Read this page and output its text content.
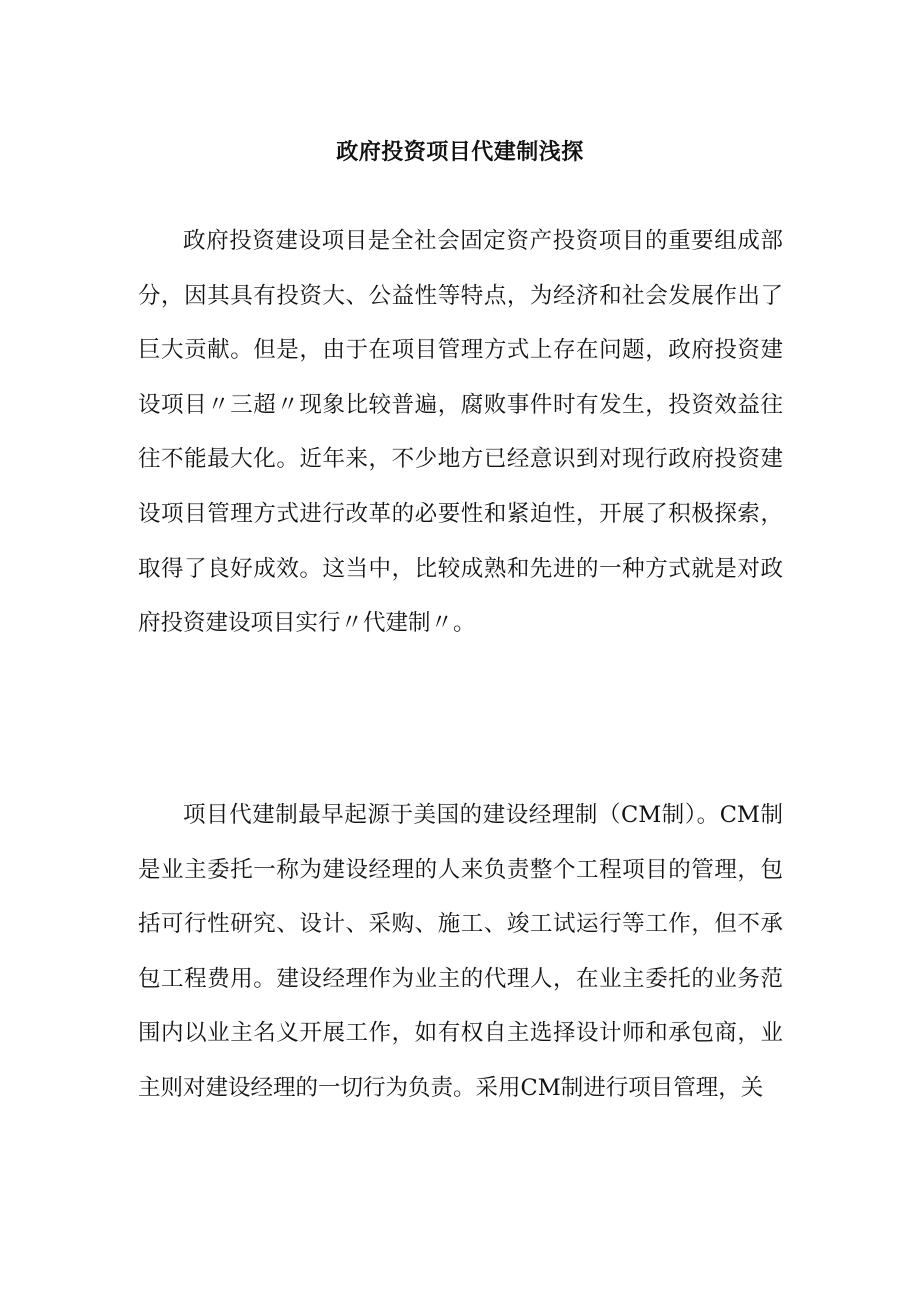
政府投资项目代建制浅探

政府投资建设项目是全社会固定资产投资项目的重要组成部分，因其具有投资大、公益性等特点，为经济和社会发展作出了巨大贡献。但是，由于在项目管理方式上存在问题，政府投资建设项目〃三超〃现象比较普遍，腐败事件时有发生，投资效益往往不能最大化。近年来，不少地方已经意识到对现行政府投资建设项目管理方式进行改革的必要性和紧迫性，开展了积极探索，取得了良好成效。这当中，比较成熟和先进的一种方式就是对政府投资建设项目实行〃代建制〃。

项目代建制最早起源于美国的建设经理制（CM制）。CM制是业主委托一称为建设经理的人来负责整个工程项目的管理，包括可行性研究、设计、采购、施工、竣工试运行等工作，但不承包工程费用。建设经理作为业主的代理人，在业主委托的业务范围内以业主名义开展工作，如有权自主选择设计师和承包商，业主则对建设经理的一切行为负责。采用CM制进行项目管理，关
